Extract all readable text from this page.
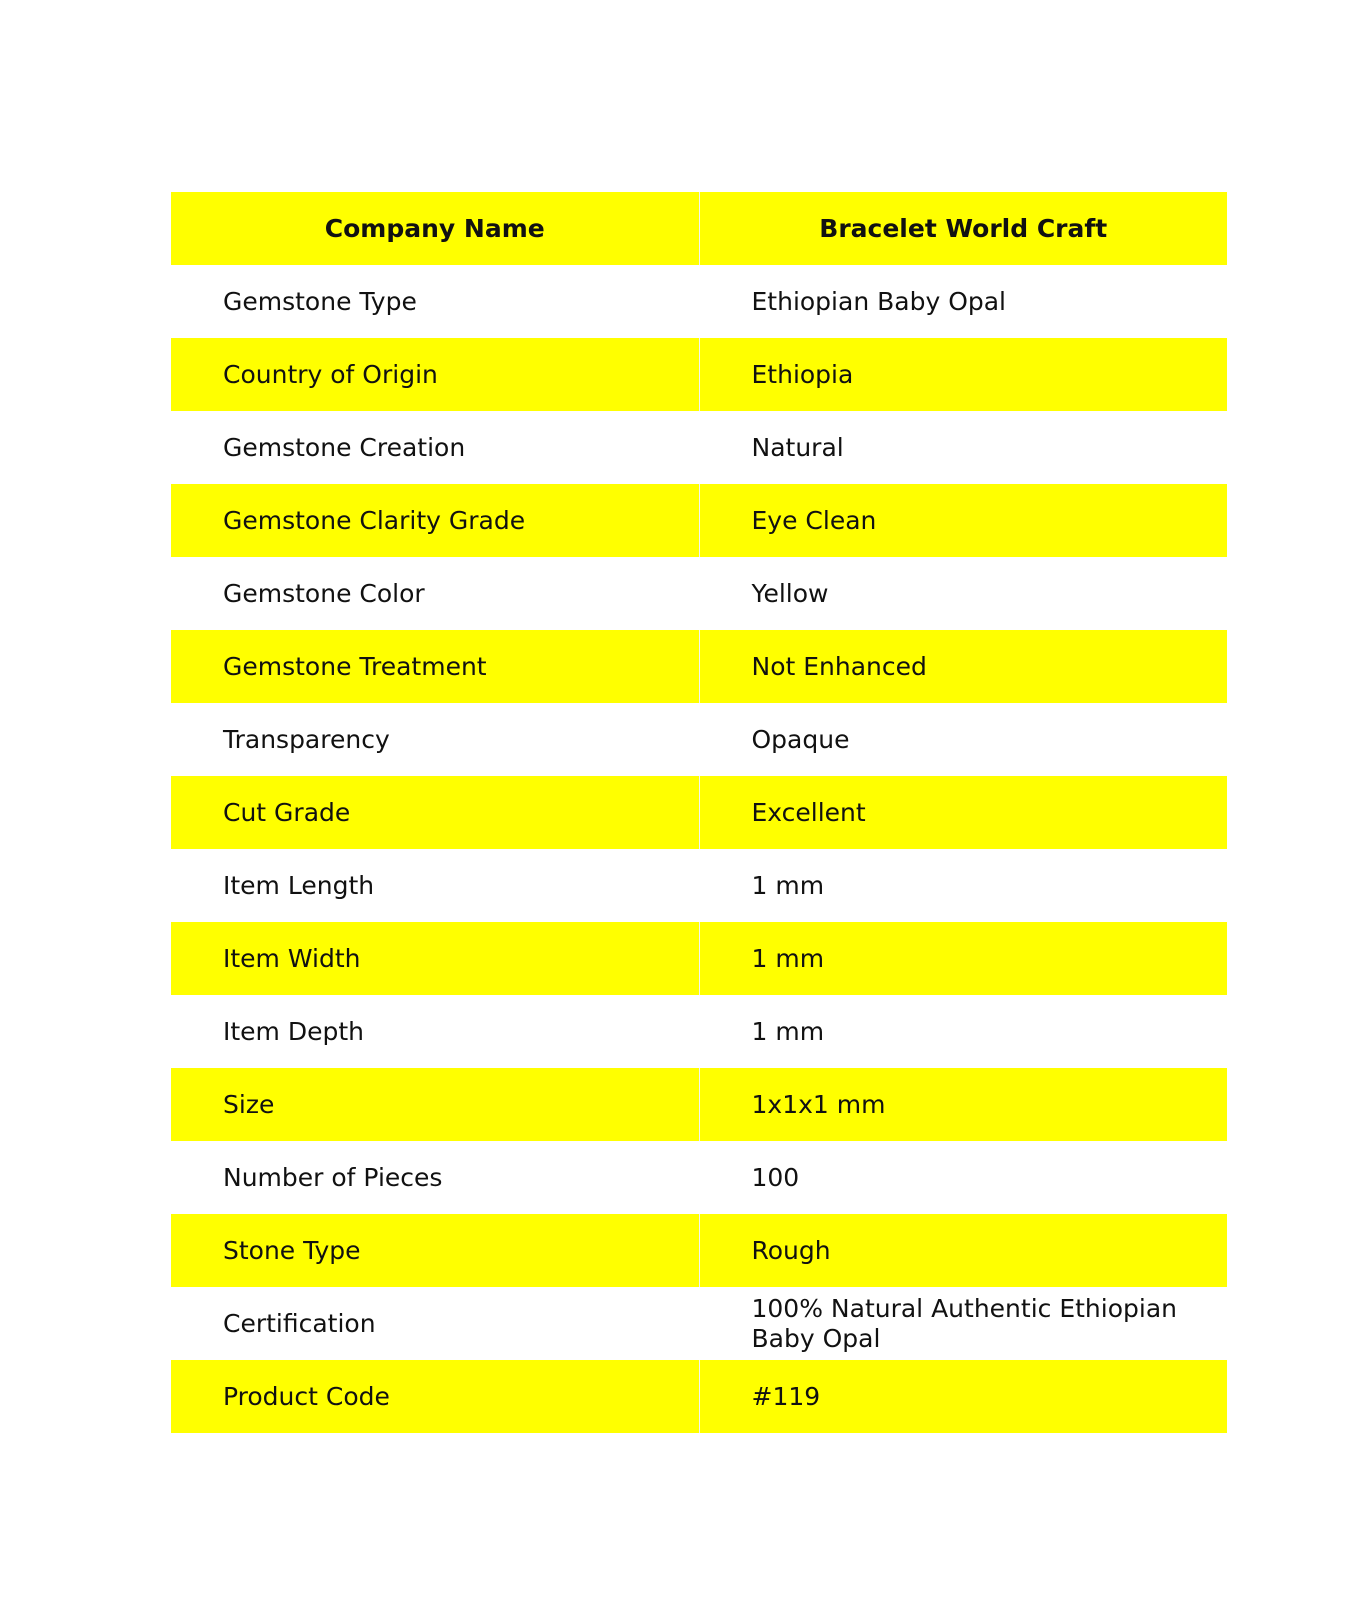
Company Name	Bracelet World Craft
Gemstone Type	Ethiopian Baby Opal
Country of Origin	Ethiopia
Gemstone Creation	Natural
Gemstone Clarity Grade	Eye Clean
Gemstone Color	Yellow
Gemstone Treatment	Not Enhanced
Transparency	Opaque
Cut Grade	Excellent
Item Length	1 mm
Item Width	1 mm
Item Depth	1 mm
Size	1x1x1 mm
Number of Pieces	100
Stone Type	Rough
Certification	100% Natural Authentic Ethiopian Baby Opal
Product Code	#119
